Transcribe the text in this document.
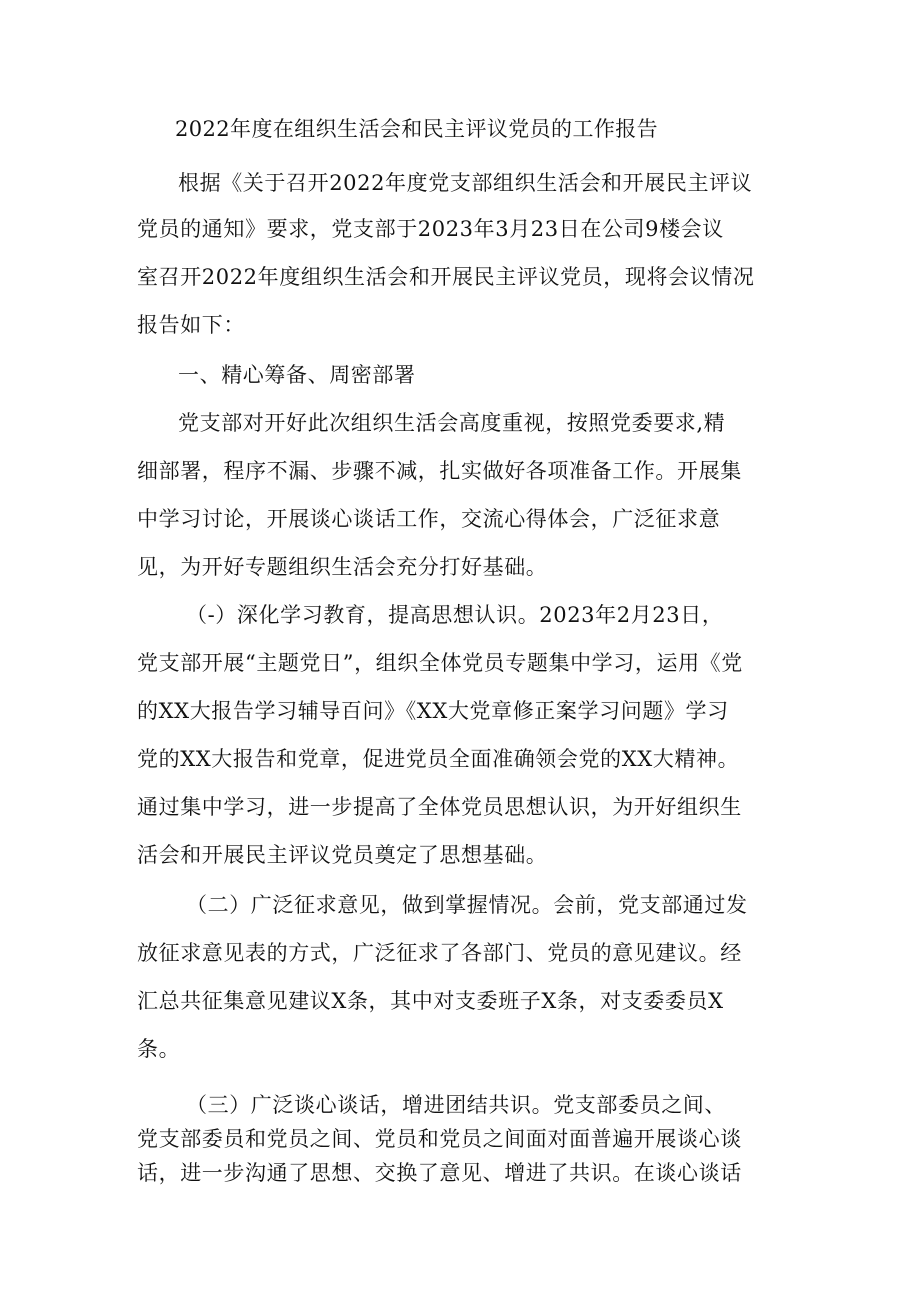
2022年度在组织生活会和民主评议党员的工作报告
根据《关于召开2022年度党支部组织生活会和开展民主评议
党员的通知》要求，党支部于2023年3月23日在公司9楼会议
室召开2022年度组织生活会和开展民主评议党员，现将会议情况
报告如下：
一、精心筹备、周密部署
党支部对开好此次组织生活会高度重视，按照党委要求,精
细部署，程序不漏、步骤不减，扎实做好各项准备工作。开展集
中学习讨论，开展谈心谈话工作，交流心得体会，广泛征求意
见，为开好专题组织生活会充分打好基础。
（-）深化学习教育，提高思想认识。2023年2月23日，
党支部开展“主题党日”，组织全体党员专题集中学习，运用《党
的XX大报告学习辅导百问》《XX大党章修正案学习问题》学习
党的XX大报告和党章，促进党员全面准确领会党的XX大精神。
通过集中学习，进一步提高了全体党员思想认识，为开好组织生
活会和开展民主评议党员奠定了思想基础。
（二）广泛征求意见，做到掌握情况。会前，党支部通过发
放征求意见表的方式，广泛征求了各部门、党员的意见建议。经
汇总共征集意见建议X条，其中对支委班子X条，对支委委员X
条。
（三）广泛谈心谈话，增进团结共识。党支部委员之间、
党支部委员和党员之间、党员和党员之间面对面普遍开展谈心谈
话，进一步沟通了思想、交换了意见、增进了共识。在谈心谈话
